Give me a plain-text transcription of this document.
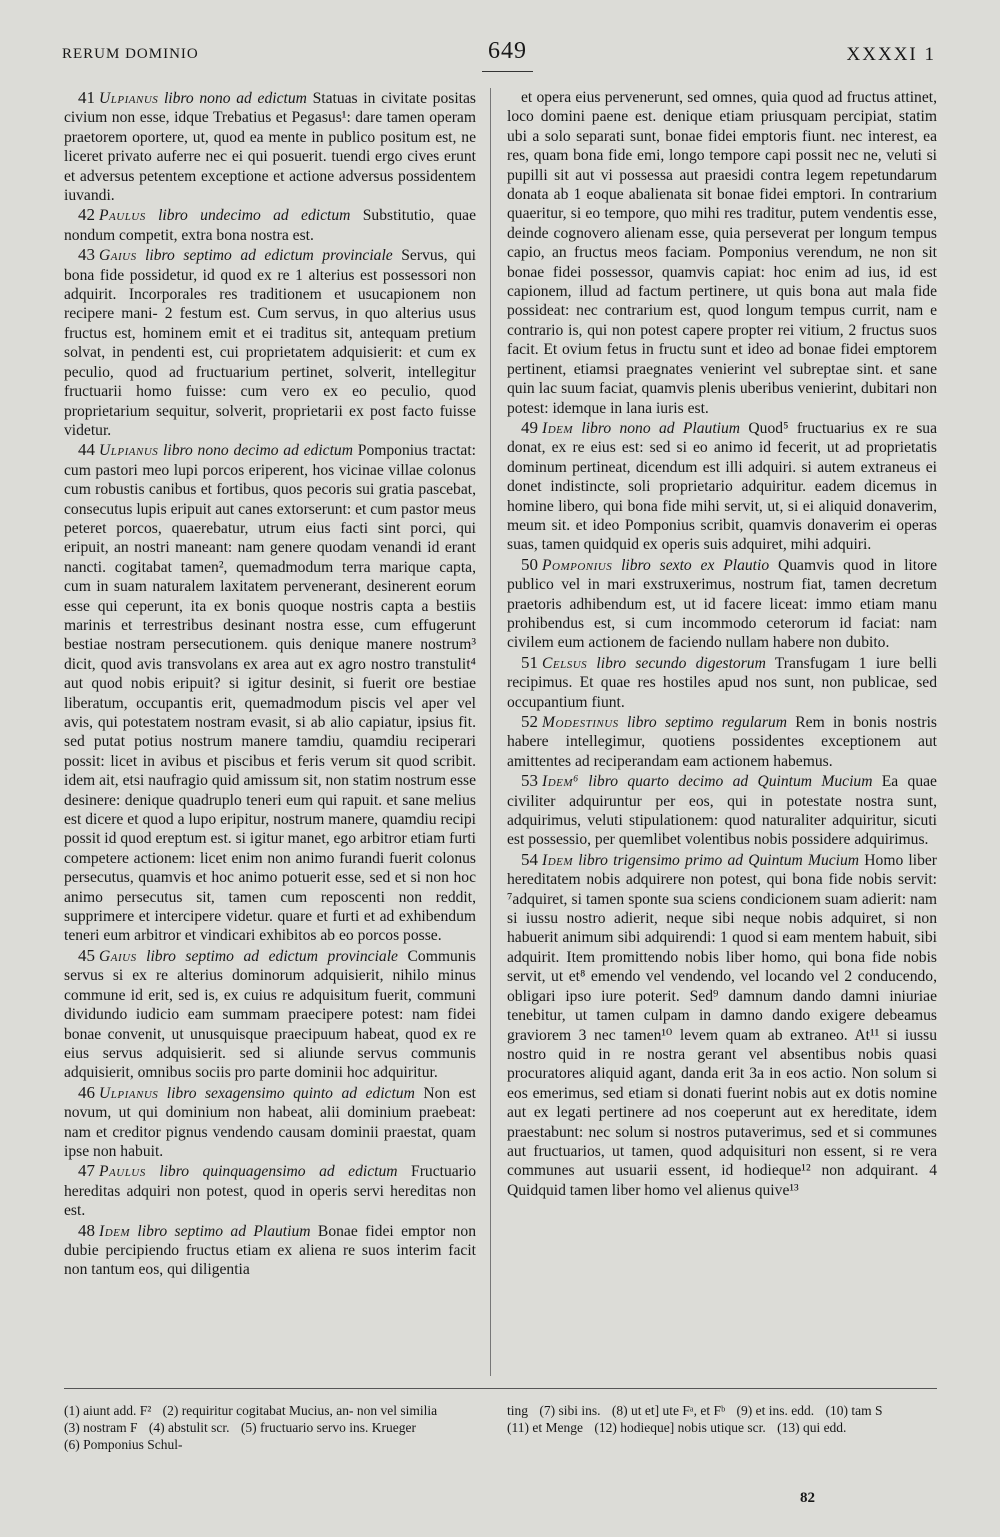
RERUM DOMINIO	649	XXXXI 1

41 Ulpianus libro nono ad edictum Statuas in civitate positas civium non esse, idque Trebatius et Pegasus¹: dare tamen operam praetorem oportere, ut, quod ea mente in publico positum est, ne liceret privato auferre nec ei qui posuerit. tuendi ergo cives erunt et adversus petentem exceptione et actione adversus possidentem iuvandi.

42 Paulus libro undecimo ad edictum Substitutio, quae nondum competit, extra bona nostra est.

43 Gaius libro septimo ad edictum provinciale Servus, qui bona fide possidetur, id quod ex re 1 alterius est possessori non adquirit. Incorporales res traditionem et usucapionem non recipere mani- 2 festum est. Cum servus, in quo alterius usus fructus est, hominem emit et ei traditus sit, antequam pretium solvat, in pendenti est, cui proprietatem adquisierit: et cum ex peculio, quod ad fructuarium pertinet, solverit, intellegitur fructuarii homo fuisse: cum vero ex eo peculio, quod proprietarium sequitur, solverit, proprietarii ex post facto fuisse videtur.

44 Ulpianus libro nono decimo ad edictum Pomponius tractat: cum pastori meo lupi porcos eriperent, hos vicinae villae colonus cum robustis canibus et fortibus, quos pecoris sui gratia pascebat, consecutus lupis eripuit aut canes extorserunt: et cum pastor meus peteret porcos, quaerebatur, utrum eius facti sint porci, qui eripuit, an nostri maneant: nam genere quodam venandi id erant nancti. cogitabat tamen², quemadmodum terra marique capta, cum in suam naturalem laxitatem pervenerant, desinerent eorum esse qui ceperunt, ita ex bonis quoque nostris capta a bestiis marinis et terrestribus desinant nostra esse, cum effugerunt bestiae nostram persecutionem. quis denique manere nostrum³ dicit, quod avis transvolans ex area aut ex agro nostro transtulit⁴ aut quod nobis eripuit? si igitur desinit, si fuerit ore bestiae liberatum, occupantis erit, quemadmodum piscis vel aper vel avis, qui potestatem nostram evasit, si ab alio capiatur, ipsius fit. sed putat potius nostrum manere tamdiu, quamdiu reciperari possit: licet in avibus et piscibus et feris verum sit quod scribit. idem ait, etsi naufragio quid amissum sit, non statim nostrum esse desinere: denique quadruplo teneri eum qui rapuit. et sane melius est dicere et quod a lupo eripitur, nostrum manere, quamdiu recipi possit id quod ereptum est. si igitur manet, ego arbitror etiam furti competere actionem: licet enim non animo furandi fuerit colonus persecutus, quamvis et hoc animo potuerit esse, sed et si non hoc animo persecutus sit, tamen cum reposcenti non reddit, supprimere et intercipere videtur. quare et furti et ad exhibendum teneri eum arbitror et vindicari exhibitos ab eo porcos posse.

45 Gaius libro septimo ad edictum provinciale Communis servus si ex re alterius dominorum adquisierit, nihilo minus commune id erit, sed is, ex cuius re adquisitum fuerit, communi dividundo iudicio eam summam praecipere potest: nam fidei bonae convenit, ut unusquisque praecipuum habeat, quod ex re eius servus adquisierit. sed si aliunde servus communis adquisierit, omnibus sociis pro parte dominii hoc adquiritur.

46 Ulpianus libro sexagensimo quinto ad edictum Non est novum, ut qui dominium non habeat, alii dominium praebeat: nam et creditor pignus vendendo causam dominii praestat, quam ipse non habuit.

47 Paulus libro quinquagensimo ad edictum Fructuario hereditas adquiri non potest, quod in operis servi hereditas non est.

48 Idem libro septimo ad Plautium Bonae fidei emptor non dubie percipiendo fructus etiam ex aliena re suos interim facit non tantum eos, qui diligentia

et opera eius pervenerunt, sed omnes, quia quod ad fructus attinet, loco domini paene est. denique etiam priusquam percipiat, statim ubi a solo separati sunt, bonae fidei emptoris fiunt. nec interest, ea res, quam bona fide emi, longo tempore capi possit nec ne, veluti si pupilli sit aut vi possessa aut praesidi contra legem repetundarum donata ab 1 eoque abalienata sit bonae fidei emptori. In contrarium quaeritur, si eo tempore, quo mihi res traditur, putem vendentis esse, deinde cognovero alienam esse, quia perseverat per longum tempus capio, an fructus meos faciam. Pomponius verendum, ne non sit bonae fidei possessor, quamvis capiat: hoc enim ad ius, id est capionem, illud ad factum pertinere, ut quis bona aut mala fide possideat: nec contrarium est, quod longum tempus currit, nam e contrario is, qui non potest capere propter rei vitium, 2 fructus suos facit. Et ovium fetus in fructu sunt et ideo ad bonae fidei emptorem pertinent, etiamsi praegnates venierint vel subreptae sint. et sane quin lac suum faciat, quamvis plenis uberibus venierint, dubitari non potest: idemque in lana iuris est.

49 Idem libro nono ad Plautium Quod⁵ fructuarius ex re sua donat, ex re eius est: sed si eo animo id fecerit, ut ad proprietatis dominum pertineat, dicendum est illi adquiri. si autem extraneus ei donet indistincte, soli proprietario adquiritur. eadem dicemus in homine libero, qui bona fide mihi servit, ut, si ei aliquid donaverim, meum sit. et ideo Pomponius scribit, quamvis donaverim ei operas suas, tamen quidquid ex operis suis adquiret, mihi adquiri.

50 Pomponius libro sexto ex Plautio Quamvis quod in litore publico vel in mari exstruxerimus, nostrum fiat, tamen decretum praetoris adhibendum est, ut id facere liceat: immo etiam manu prohibendus est, si cum incommodo ceterorum id faciat: nam civilem eum actionem de faciendo nullam habere non dubito.

51 Celsus libro secundo digestorum Transfugam 1 iure belli recipimus. Et quae res hostiles apud nos sunt, non publicae, sed occupantium fiunt.

52 Modestinus libro septimo regularum Rem in bonis nostris habere intellegimur, quotiens possidentes exceptionem aut amittentes ad reciperandam eam actionem habemus.

53 Idem⁶ libro quarto decimo ad Quintum Mucium Ea quae civiliter adquiruntur per eos, qui in potestate nostra sunt, adquirimus, veluti stipulationem: quod naturaliter adquiritur, sicuti est possessio, per quemlibet volentibus nobis possidere adquirimus.

54 Idem libro trigensimo primo ad Quintum Mucium Homo liber hereditatem nobis adquirere non potest, qui bona fide nobis servit: ⁷adquiret, si tamen sponte sua sciens condicionem suam adierit: nam si iussu nostro adierit, neque sibi neque nobis adquiret, si non habuerit animum sibi adquirendi: 1 quod si eam mentem habuit, sibi adquirit. Item promittendo nobis liber homo, qui bona fide nobis servit, ut et⁸ emendo vel vendendo, vel locando vel 2 conducendo, obligari ipso iure poterit. Sed⁹ damnum dando damni iniuriae tenebitur, ut tamen culpam in damno dando exigere debeamus graviorem 3 nec tamen¹⁰ levem quam ab extraneo. At¹¹ si iussu nostro quid in re nostra gerant vel absentibus nobis quasi procuratores aliquid agant, danda erit 3a in eos actio. Non solum si eos emerimus, sed etiam si donati fuerint nobis aut ex dotis nomine aut ex legati pertinere ad nos coeperunt aut ex hereditate, idem praestabunt: nec solum si nostros putaverimus, sed et si communes aut fructuarios, ut tamen, quod adquisituri non essent, si re vera communes aut usuarii essent, id hodieque¹² non adquirant. 4 Quidquid tamen liber homo vel alienus quive¹³

(1) aiunt add. F² (2) requiritur cogitabat Mucius, an- non vel similia (3) nostram F (4) abstulit scr. (5) fructuario servo ins. Krueger (6) Pomponius Schul-
ting (7) sibi ins. (8) ut et] ute Fᵃ, et Fᵇ (9) et ins. edd. (10) tam S (11) et Menge (12) hodieque] nobis utique scr. (13) qui edd.
82
